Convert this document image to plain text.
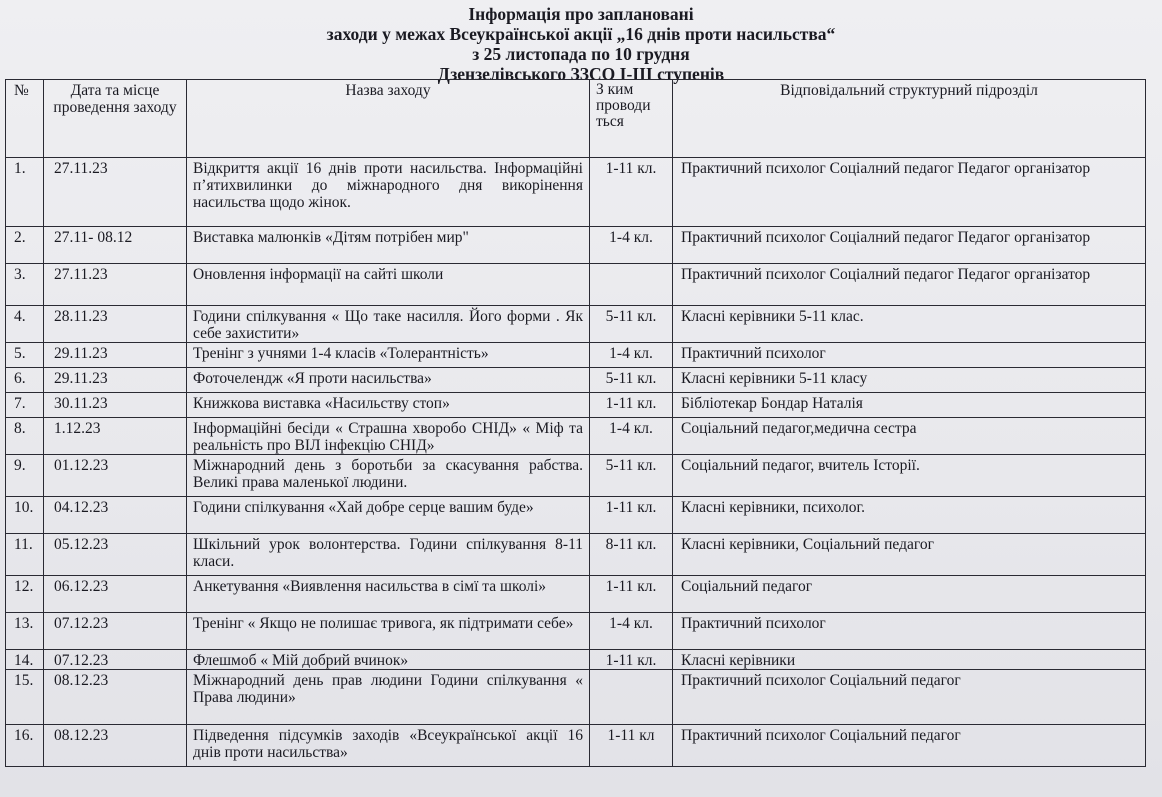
Інформація про заплановані
заходи у межах Всеукраїнської акції „16 днів проти насильства“
з 25 листопада по 10 грудня
Дзензелівського ЗЗСО І-ІІІ ступенів
№	Дата та місце проведення заходу	Назва заходу	З ким проводи ться	Відповідальний структурний підрозділ
1.	27.11.23	Відкриття акції 16 днів проти насильства. Інформаційні п’ятихвилинки до міжнародного дня викорінення насильства щодо жінок.	1-11 кл.	Практичний психолог Соціалний педагог Педагог організатор
2.	27.11- 08.12	Виставка малюнків «Дітям потрібен мир"	1-4 кл.	Практичний психолог Соціалний педагог Педагог організатор
3.	27.11.23	Оновлення інформації на сайті школи		Практичний психолог Соціалний педагог Педагог організатор
4.	28.11.23	Години спілкування « Що таке насилля. Його форми . Як себе захистити»	5-11 кл.	Класні керівники 5-11 клас.
5.	29.11.23	Тренінг з учнями 1-4 класів «Толерантність»	1-4 кл.	Практичний психолог
6.	29.11.23	Фоточелендж «Я проти насильства»	5-11 кл.	Класні керівники 5-11 класу
7.	30.11.23	Книжкова виставка «Насильству стоп»	1-11 кл.	Бібліотекар Бондар Наталія
8.	1.12.23	Інформаційні бесіди « Страшна хворобо СНІД» « Міф та реальність про ВІЛ інфекцію СНІД»	1-4 кл.	Соціальний педагог,медична сестра
9.	01.12.23	Міжнародний день з боротьби за скасування рабства. Великі права маленької людини.	5-11 кл.	Соціальний педагог, вчитель Історії.
10.	04.12.23	Години спілкування «Хай добре серце вашим буде»	1-11 кл.	Класні керівники, психолог.
11.	05.12.23	Шкільний урок волонтерства. Години спілкування 8-11 класи.	8-11 кл.	Класні керівники, Соціальний педагог
12.	06.12.23	Анкетування «Виявлення насильства в сімї та школі»	1-11 кл.	Соціальний педагог
13.	07.12.23	Тренінг « Якщо не полишає тривога, як підтримати себе»	1-4 кл.	Практичний психолог
14.	07.12.23	Флешмоб « Мій добрий вчинок»	1-11 кл.	Класні керівники
15.	08.12.23	Міжнародний день прав людини Години спілкування « Права людини»		Практичний психолог Соціальний педагог
16.	08.12.23	Підведення підсумків заходів «Всеукраїнської акції 16 днів проти насильства»	1-11 кл	Практичний психолог Соціальний педагог
